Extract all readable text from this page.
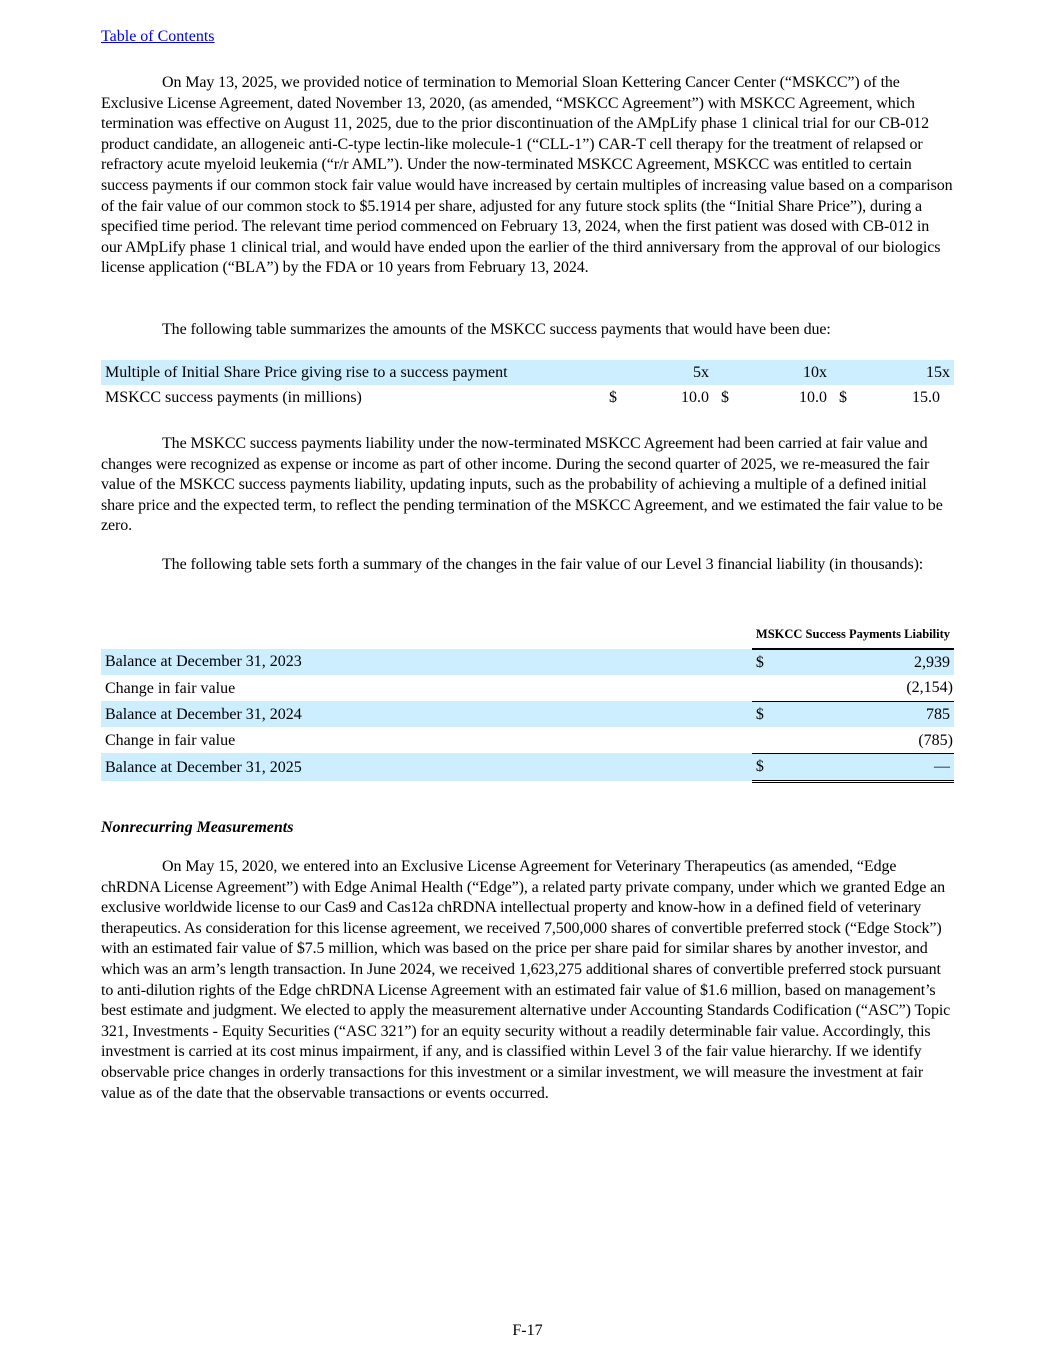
Table of Contents

On May 13, 2025, we provided notice of termination to Memorial Sloan Kettering Cancer Center (“MSKCC”) of the Exclusive License Agreement, dated November 13, 2020, (as amended, “MSKCC Agreement”) with MSKCC Agreement, which termination was effective on August 11, 2025, due to the prior discontinuation of the AMpLify phase 1 clinical trial for our CB-012 product candidate, an allogeneic anti-C-type lectin-like molecule-1 (“CLL-1”) CAR-T cell therapy for the treatment of relapsed or refractory acute myeloid leukemia (“r/r AML”). Under the now-terminated MSKCC Agreement, MSKCC was entitled to certain success payments if our common stock fair value would have increased by certain multiples of increasing value based on a comparison of the fair value of our common stock to $5.1914 per share, adjusted for any future stock splits (the “Initial Share Price”), during a specified time period. The relevant time period commenced on February 13, 2024, when the first patient was dosed with CB-012 in our AMpLify phase 1 clinical trial, and would have ended upon the earlier of the third anniversary from the approval of our biologics license application (“BLA”) by the FDA or 10 years from February 13, 2024.

The following table summarizes the amounts of the MSKCC success payments that would have been due:

Multiple of Initial Share Price giving rise to a success payment		5x		10x		15x
MSKCC success payments (in millions)	$	10.0	$	10.0	$	15.0

The MSKCC success payments liability under the now-terminated MSKCC Agreement had been carried at fair value and changes were recognized as expense or income as part of other income. During the second quarter of 2025, we re-measured the fair value of the MSKCC success payments liability, updating inputs, such as the probability of achieving a multiple of a defined initial share price and the expected term, to reflect the pending termination of the MSKCC Agreement, and we estimated the fair value to be zero.

The following table sets forth a summary of the changes in the fair value of our Level 3 financial liability (in thousands):

	MSKCC Success Payments Liability	
Balance at December 31, 2023	$	2,939
Change in fair value		(2,154)
Balance at December 31, 2024	$	785
Change in fair value		(785)
Balance at December 31, 2025	$	—
Nonrecurring Measurements

On May 15, 2020, we entered into an Exclusive License Agreement for Veterinary Therapeutics (as amended, “Edge chRDNA License Agreement”) with Edge Animal Health (“Edge”), a related party private company, under which we granted Edge an exclusive worldwide license to our Cas9 and Cas12a chRDNA intellectual property and know-how in a defined field of veterinary therapeutics. As consideration for this license agreement, we received 7,500,000 shares of convertible preferred stock (“Edge Stock”) with an estimated fair value of $7.5 million, which was based on the price per share paid for similar shares by another investor, and which was an arm’s length transaction. In June 2024, we received 1,623,275 additional shares of convertible preferred stock pursuant to anti-dilution rights of the Edge chRDNA License Agreement with an estimated fair value of $1.6 million, based on management’s best estimate and judgment. We elected to apply the measurement alternative under Accounting Standards Codification (“ASC”) Topic 321, Investments - Equity Securities (“ASC 321”) for an equity security without a readily determinable fair value. Accordingly, this investment is carried at its cost minus impairment, if any, and is classified within Level 3 of the fair value hierarchy. If we identify observable price changes in orderly transactions for this investment or a similar investment, we will measure the investment at fair value as of the date that the observable transactions or events occurred.

F-17
